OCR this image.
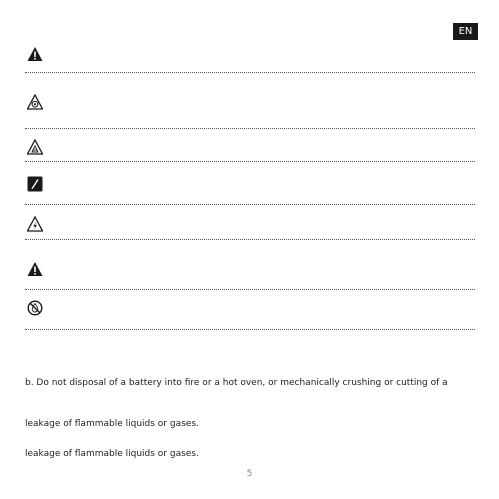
EN
b. Do not disposal of a battery into fire or a hot oven, or mechanically crushing or cutting of a
leakage of flammable liquids or gases.
leakage of flammable liquids or gases.
5
